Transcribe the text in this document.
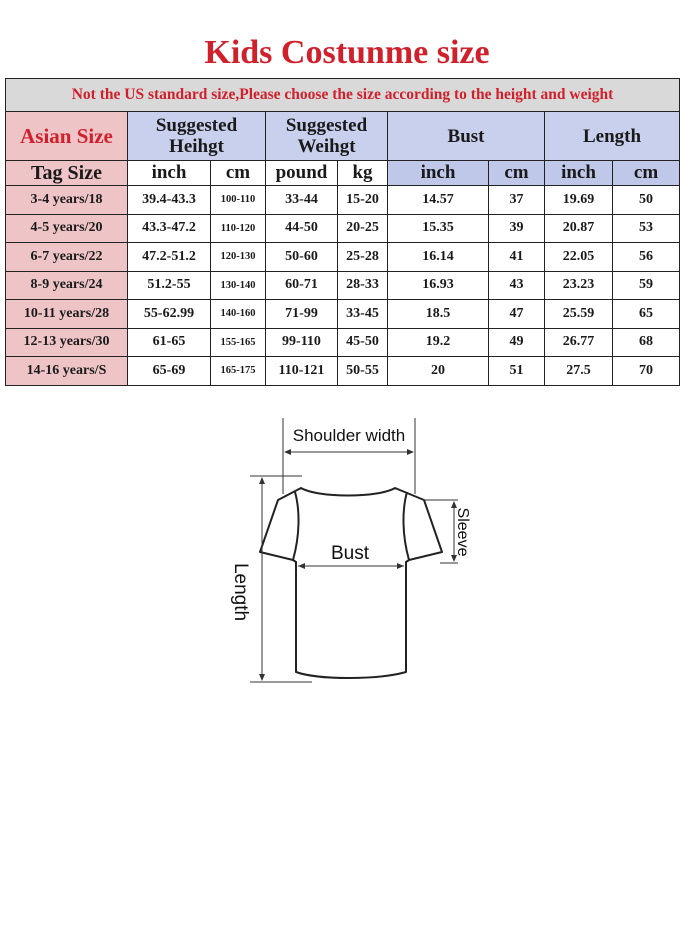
Kids Costunme size
Not the US standard size,Please choose the size according to the height and weight								
Asian Size	Suggested Heihgt		Suggested Weihgt		Bust		Length	
Tag Size	inch	cm	pound	kg	inch	cm	inch	cm
3-4 years/18	39.4-43.3	100-110	33-44	15-20	14.57	37	19.69	50
4-5 years/20	43.3-47.2	110-120	44-50	20-25	15.35	39	20.87	53
6-7 years/22	47.2-51.2	120-130	50-60	25-28	16.14	41	22.05	56
8-9 years/24	51.2-55	130-140	60-71	28-33	16.93	43	23.23	59
10-11 years/28	55-62.99	140-160	71-99	33-45	18.5	47	25.59	65
12-13 years/30	61-65	155-165	99-110	45-50	19.2	49	26.77	68
14-16 years/S	65-69	165-175	110-121	50-55	20	51	27.5	70
Shoulder width
Bust	Sleeve
Length
